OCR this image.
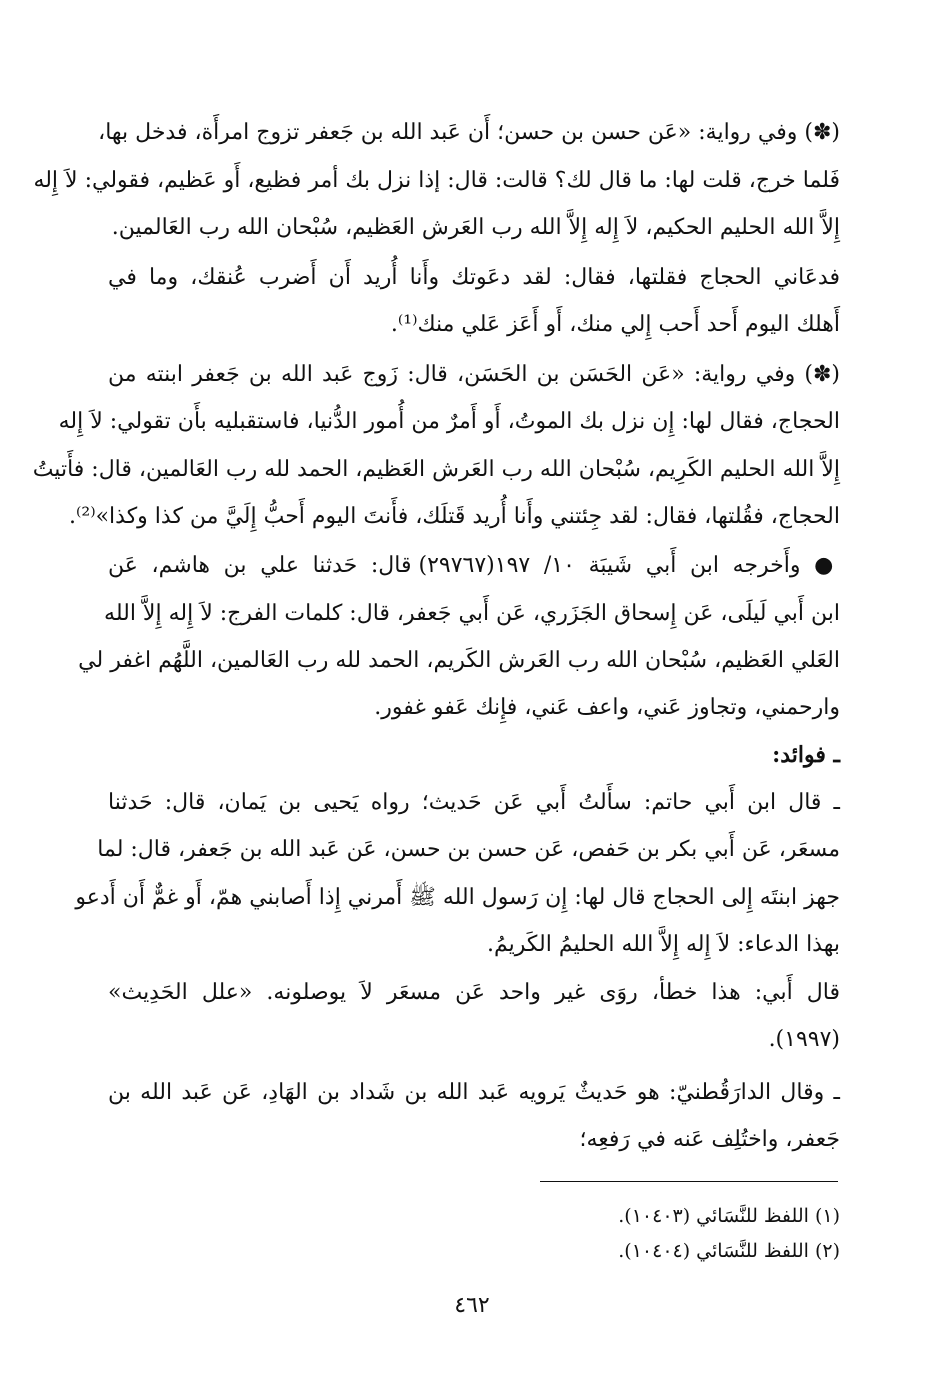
(✽) وفي رواية: «عَن حسن بن حسن؛ أَن عَبد الله بن جَعفر تزوج امرأَة، فدخل بها،
فَلما خرج، قلت لها: ما قال لك؟ قالت: قال: إذا نزل بك أمر فظيع، أَو عَظيم، فقولي: لاَ إِله
إِلاَّ الله الحليم الحكيم، لاَ إِله إِلاَّ الله رب العَرش العَظيم، سُبْحان الله رب العَالمين.
فدعَاني الحجاج فقلتها، فقال: لقد دعَوتك وأَنا أُريد أَن أَضرب عُنقك، وما في
أَهلك اليوم أَحد أَحب إِلي منك، أَو أَعَز عَلي منك⁽¹⁾.
(✽) وفي رواية: «عَن الحَسَن بن الحَسَن، قال: زَوج عَبد الله بن جَعفر ابنته من
الحجاج، فقال لها: إِن نزل بك الموتُ، أَو أَمرٌ من أُمور الدُّنيا، فاستقبليه بأَن تقولي: لاَ إِله
إِلاَّ الله الحليم الكَرِيم، سُبْحان الله رب العَرش العَظيم، الحمد لله رب العَالمين، قال: فأَتيتُ
الحجاج، فقُلتها، فقال: لقد جِئتني وأَنا أُريد قَتلَك، فأَنتَ اليوم أَحبُّ إِلَيَّ من كذا وكذا»⁽²⁾.
● وأَخرجه ابن أَبي شَيبَة ١٠/ ١٩٧(٢٩٧٦٧) قال: حَدثنا علي بن هاشم، عَن
ابن أَبي لَيلَى، عَن إِسحاق الجَزَري، عَن أَبي جَعفر، قال: كلمات الفرج: لاَ إِله إِلاَّ الله
العَلي العَظيم، سُبْحان الله رب العَرش الكَريم، الحمد لله رب العَالمين، اللَّهُم اغفر لي
وارحمني، وتجاوز عَني، واعف عَني، فإِنك عَفو غفور.
ـ فوائد:
ـ قال ابن أَبي حاتم: سأَلتُ أَبي عَن حَديث؛ رواه يَحيى بن يَمان، قال: حَدثنا
مسعَر، عَن أَبي بكر بن حَفص، عَن حسن بن حسن، عَن عَبد الله بن جَعفر، قال: لما
جهز ابنتَه إِلى الحجاج قال لها: إِن رَسول الله ﷺ أَمرني إِذا أَصابني همّ، أَو غمٌّ أَن أَدعو
بهذا الدعاء: لاَ إِله إِلاَّ الله الحليمُ الكَريمُ.
قال أَبي: هذا خطأ، روَى غير واحد عَن مسعَر لاَ يوصلونه. «علل الحَدِيث»
(١٩٩٧).
ـ وقال الدارَقُطنيّ: هو حَديثٌ يَرويه عَبد الله بن شَداد بن الهَادِ، عَن عَبد الله بن
جَعفر، واختُلِف عَنه في رَفعِه؛
(١) اللفظ للنَّسَائي (١٠٤٠٣).
(٢) اللفظ للنَّسَائي (١٠٤٠٤).
٤٦٢
